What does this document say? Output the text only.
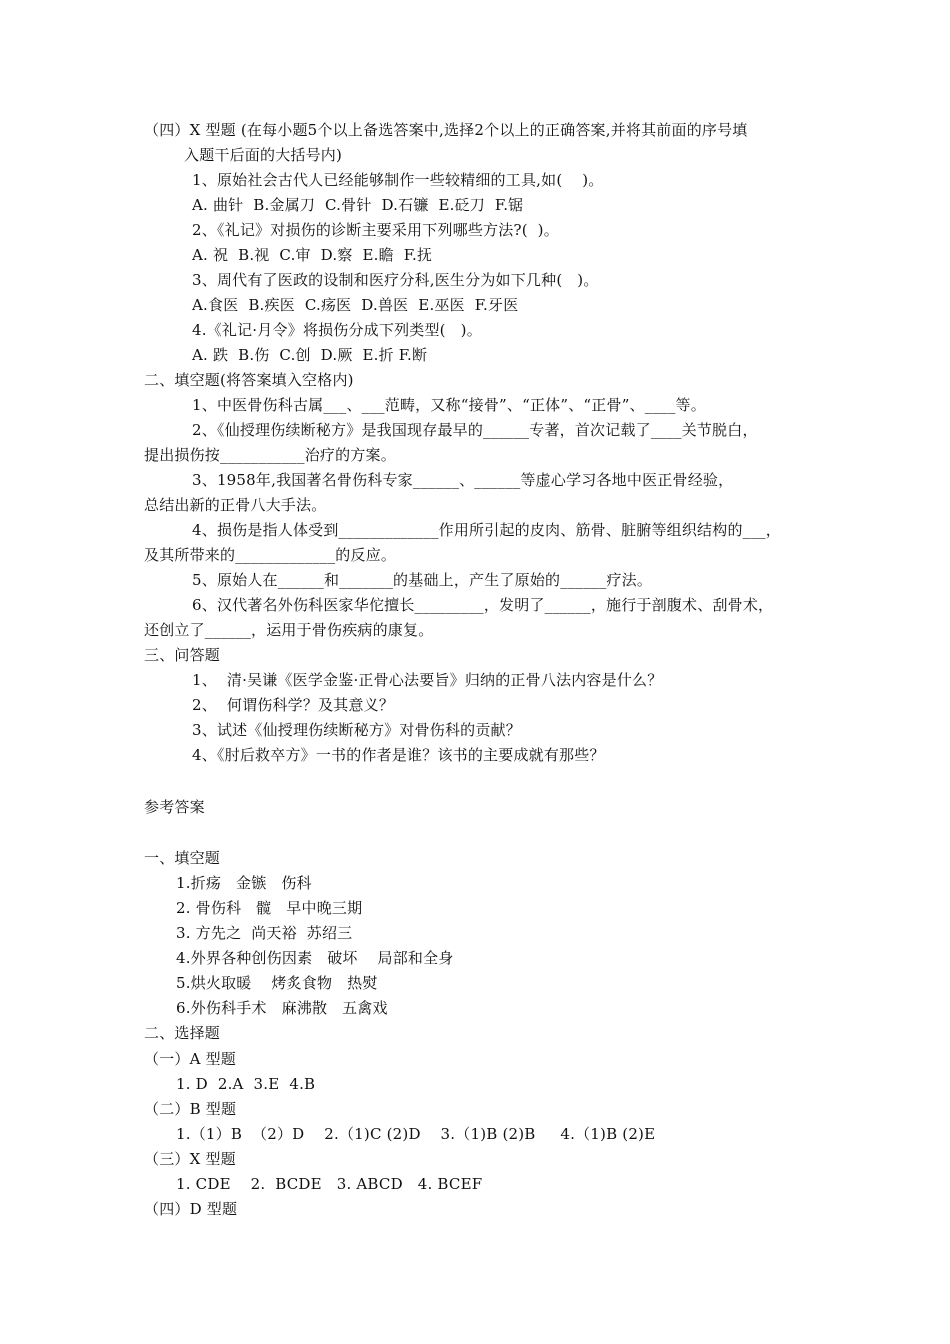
（四）X 型题 (在每小题5个以上备选答案中,选择2个以上的正确答案,并将其前面的序号填
入题干后面的大括号内)
1、原始社会古代人已经能够制作一些较精细的工具,如(    )。
A. 曲针  B.金属刀  C.骨针  D.石镰  E.砭刀  F.锯
2、《礼记》对损伤的诊断主要采用下列哪些方法?(  )。
A. 祝  B.视  C.审  D.察  E.瞻  F.抚
3、周代有了医政的设制和医疗分科,医生分为如下几种(   )。
A.食医  B.疾医  C.疡医  D.兽医  E.巫医  F.牙医
4.《礼记·月令》将损伤分成下列类型(   )。
A. 跌  B.伤  C.创  D.厥  E.折 F.断
二、填空题(将答案填入空格内)
1、中医骨伤科古属___、___范畴，又称“接骨”、“正体”、“正骨”、____等。
2、《仙授理伤续断秘方》是我国现存最早的______专著，首次记载了____关节脱白，
提出损伤按___________治疗的方案。
3、1958年,我国著名骨伤科专家______、______等虚心学习各地中医正骨经验，
总结出新的正骨八大手法。
4、损伤是指人体受到_____________作用所引起的皮肉、筋骨、脏腑等组织结构的___，
及其所带来的_____________的反应。
5、原始人在______和_______的基础上，产生了原始的______疗法。
6、汉代著名外伤科医家华佗擅长_________，发明了______，施行于剖腹术、刮骨术，
还创立了______，运用于骨伤疾病的康复。
三、问答题
1、  清·吴谦《医学金鉴·正骨心法要旨》归纳的正骨八法内容是什么？
2、  何谓伤科学？及其意义？
3、试述《仙授理伤续断秘方》对骨伤科的贡献？
4、《肘后救卒方》一书的作者是谁？该书的主要成就有那些？
参考答案
一、填空题
1.折疡   金镞   伤科
2. 骨伤科   髋   早中晚三期
3. 方先之  尚天裕  苏绍三
4.外界各种创伤因素   破坏    局部和全身
5.烘火取暖    烤炙食物   热熨
6.外伤科手术   麻沸散   五禽戏
二、选择题
（一）A 型题
1. D  2.A  3.E  4.B
（二）B 型题
1.（1）B  （2）D    2.（1)C (2)D    3.（1)B (2)B     4.（1)B (2)E
（三）X 型题
1. CDE    2.  BCDE   3. ABCD   4. BCEF
（四）D 型题
